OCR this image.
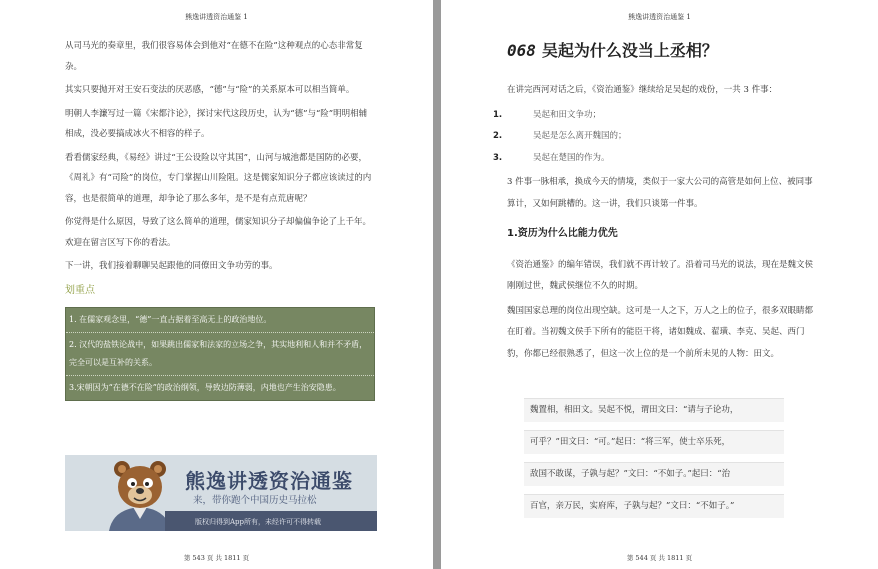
熊逸讲透资治通鉴 1

从司马光的奏章里，我们很容易体会到他对“在德不在险”这种观点的心态非常复杂。

其实只要抛开对王安石变法的厌恶感，“德”与“险”的关系原本可以相当简单。

明朝人李濂写过一篇《宋都汴论》，探讨宋代这段历史，认为“德”与“险”明明相辅相成，没必要搞成冰火不相容的样子。

看看儒家经典，《易经》讲过“王公设险以守其国”，山河与城池都是国防的必要，《周礼》有“司险”的岗位，专门掌握山川险阻。这是儒家知识分子都应该读过的内容，也是很简单的道理，却争论了那么多年，是不是有点荒唐呢？

你觉得是什么原因，导致了这么简单的道理，儒家知识分子却偏偏争论了上千年。欢迎在留言区写下你的看法。

下一讲，我们接着聊聊吴起跟他的同僚田文争功劳的事。

划重点
1. 在儒家观念里，“德”一直占据着至高无上的政治地位。
2. 汉代的盐铁论战中，如果跳出儒家和法家的立场之争，其实地利和人和并不矛盾，完全可以是互补的关系。
3.宋朝因为“在德不在险”的政治纲领，导致边防薄弱，内地也产生治安隐患。
熊逸讲透资治通鉴
来，带你跑个中国历史马拉松
版权归得到App所有，未经许可不得转载
第 543 页 共 1811 页
熊逸讲透资治通鉴 1
第 544 页 共 1811 页
068 吴起为什么没当上丞相？

在讲完西河对话之后，《资治通鉴》继续给足吴起的戏份，一共 3 件事：

1.	吴起和田文争功；
2.	吴起是怎么离开魏国的；
3.	吴起在楚国的作为。

3 件事一脉相承，换成今天的情境，类似于一家大公司的高管是如何上位、被同事算计，又如何跳槽的。这一讲，我们只谈第一件事。

1.资历为什么比能力优先

《资治通鉴》的编年错误，我们就不再计较了。沿着司马光的说法，现在是魏文侯刚刚过世，魏武侯继位不久的时期。

魏国国家总理的岗位出现空缺。这可是一人之下，万人之上的位子，很多双眼睛都在盯着。当初魏文侯手下所有的能臣干将，诸如魏成、翟璜、李克、吴起、西门豹，你都已经很熟悉了，但这一次上位的是一个前所未见的人物：田文。

魏置相，相田文。吴起不悦，谓田文曰：“请与子论功，
可乎？”田文曰：“可。”起曰：“将三军，使士卒乐死，
敌国不敢谋，子孰与起？”文曰：“不如子。”起曰：“治
百官，亲万民，实府库，子孰与起？”文曰：“不如子。”
